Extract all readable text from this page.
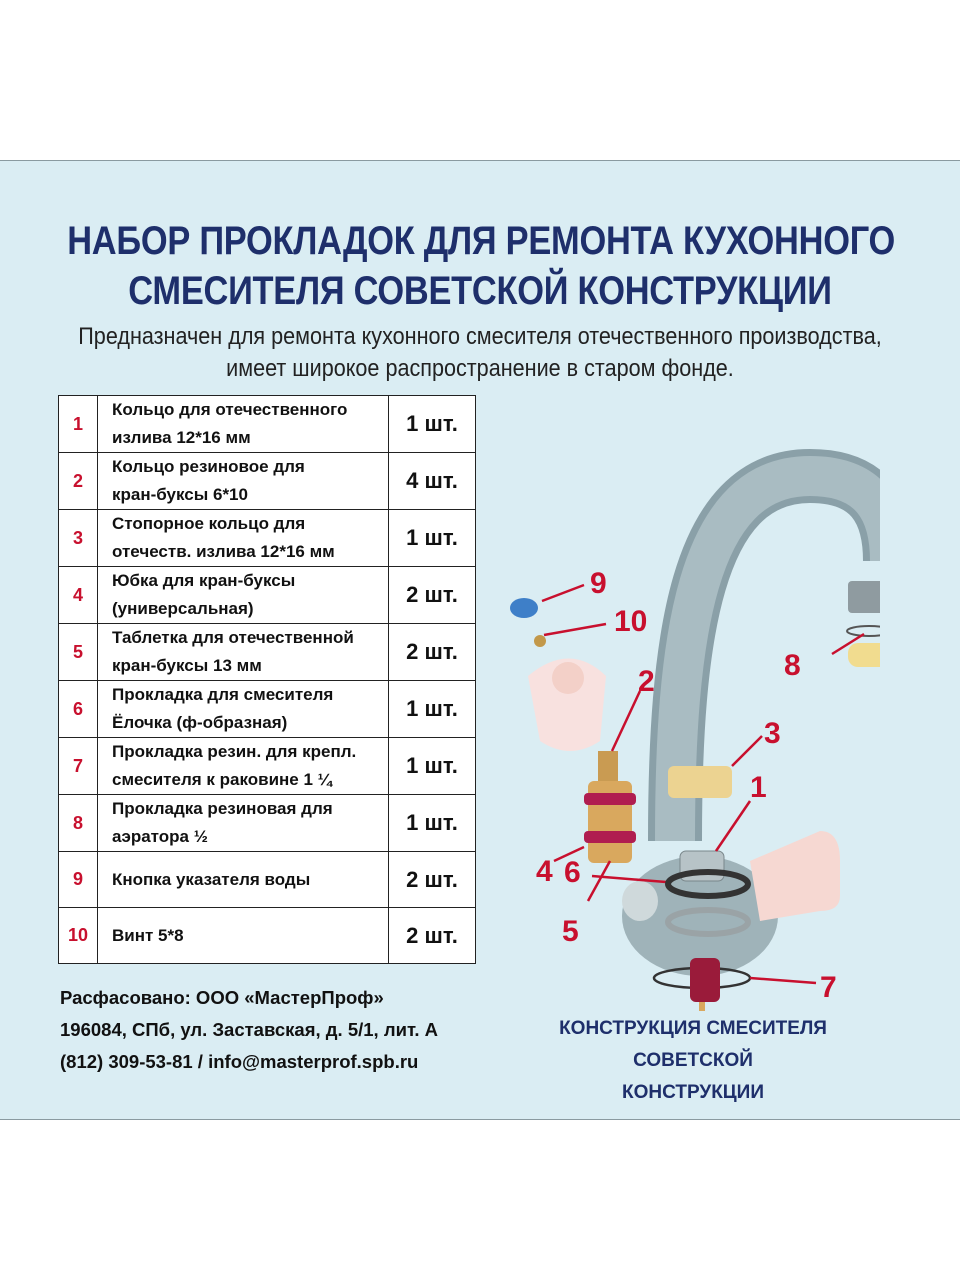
НАБОР ПРОКЛАДОК ДЛЯ РЕМОНТА КУХОННОГО
СМЕСИТЕЛЯ СОВЕТСКОЙ КОНСТРУКЦИИ
Предназначен для ремонта кухонного смесителя отечественного производства,
имеет широкое распространение в старом фонде.
1	Кольцо для отечественного
излива 12*16 мм	1 шт.
2	Кольцо резиновое для
кран-буксы 6*10	4 шт.
3	Стопорное кольцо для
отечеств. излива 12*16 мм	1 шт.
4	Юбка для кран-буксы
(универсальная)	2 шт.
5	Таблетка для отечественной
кран-буксы 13 мм	2 шт.
6	Прокладка для смесителя
Ёлочка (ф-образная)	1 шт.
7	Прокладка резин. для крепл.
смесителя к раковине 1 ¼	1 шт.
8	Прокладка резиновая для
аэратора ½	1 шт.
9	Кнопка указателя воды	2 шт.
10	Винт 5*8	2 шт.
Расфасовано: ООО «МастерПроф»
196084, СПб, ул. Заставская, д. 5/1, лит. А
(812) 309-53-81 / info@masterprof.spb.ru
9
10
2	8
3
1
4
5
7
КОНСТРУКЦИЯ СМЕСИТЕЛЯ СОВЕТСКОЙ
КОНСТРУКЦИИ
6
